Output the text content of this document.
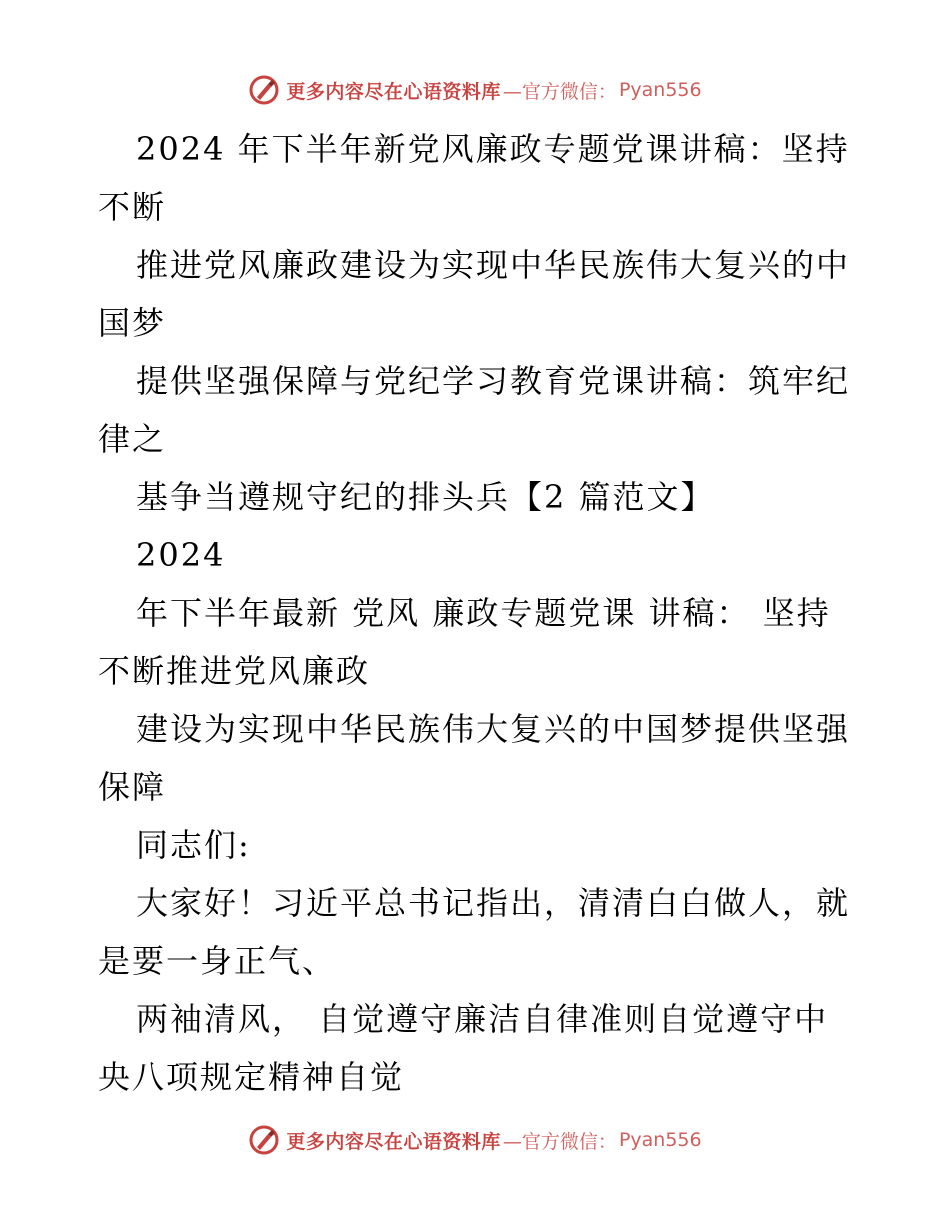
更多内容尽在心语资料库 —官方微信： Pyan556
2024 年下半年新党风廉政专题党课讲稿：坚持
不断
推进党风廉政建设为实现中华民族伟大复兴的中
国梦
提供坚强保障与党纪学习教育党课讲稿：筑牢纪
律之
基争当遵规守纪的排头兵【2 篇范文】
2024
年下半年最新 党风 廉政专题党课 讲稿： 坚持
不断推进党风廉政
建设为实现中华民族伟大复兴的中国梦提供坚强
保障
同志们:
大家好！习近平总书记指出，清清白白做人，就
是要一身正气、
两袖清风， 自觉遵守廉洁自律准则自觉遵守中
央八项规定精神自觉
更多内容尽在心语资料库 —官方微信： Pyan556
